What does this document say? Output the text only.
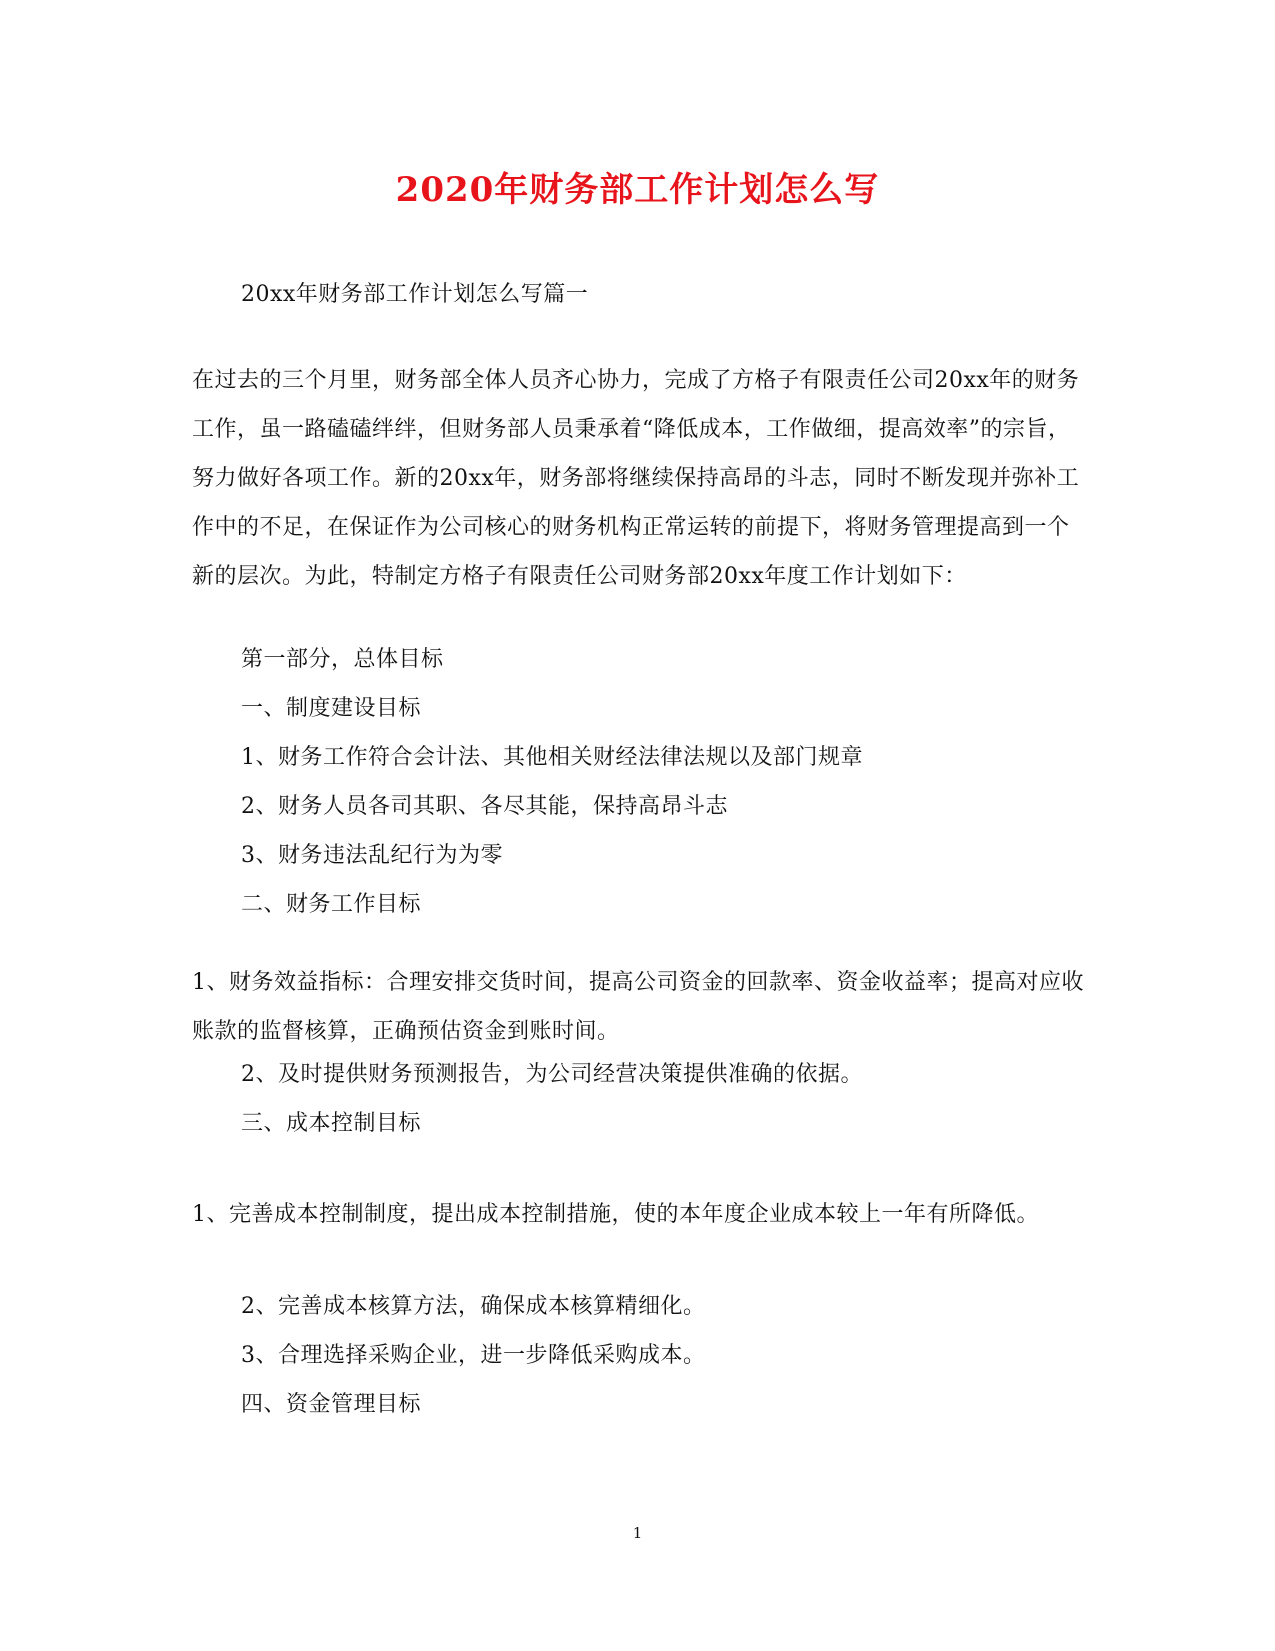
2020年财务部工作计划怎么写

20xx年财务部工作计划怎么写篇一

在过去的三个月里，财务部全体人员齐心协力，完成了方格子有限责任公司20xx年的财务工作，虽一路磕磕绊绊，但财务部人员秉承着“降低成本，工作做细，提高效率”的宗旨，努力做好各项工作。新的20xx年，财务部将继续保持高昂的斗志，同时不断发现并弥补工作中的不足，在保证作为公司核心的财务机构正常运转的前提下，将财务管理提高到一个新的层次。为此，特制定方格子有限责任公司财务部20xx年度工作计划如下：

第一部分，总体目标

一、制度建设目标

1、财务工作符合会计法、其他相关财经法律法规以及部门规章

2、财务人员各司其职、各尽其能，保持高昂斗志

3、财务违法乱纪行为为零

二、财务工作目标

1、财务效益指标：合理安排交货时间，提高公司资金的回款率、资金收益率；提高对应收账款的监督核算，正确预估资金到账时间。

2、及时提供财务预测报告，为公司经营决策提供准确的依据。

三、成本控制目标

1、完善成本控制制度，提出成本控制措施，使的本年度企业成本较上一年有所降低。

2、完善成本核算方法，确保成本核算精细化。

3、合理选择采购企业，进一步降低采购成本。

四、资金管理目标

1
